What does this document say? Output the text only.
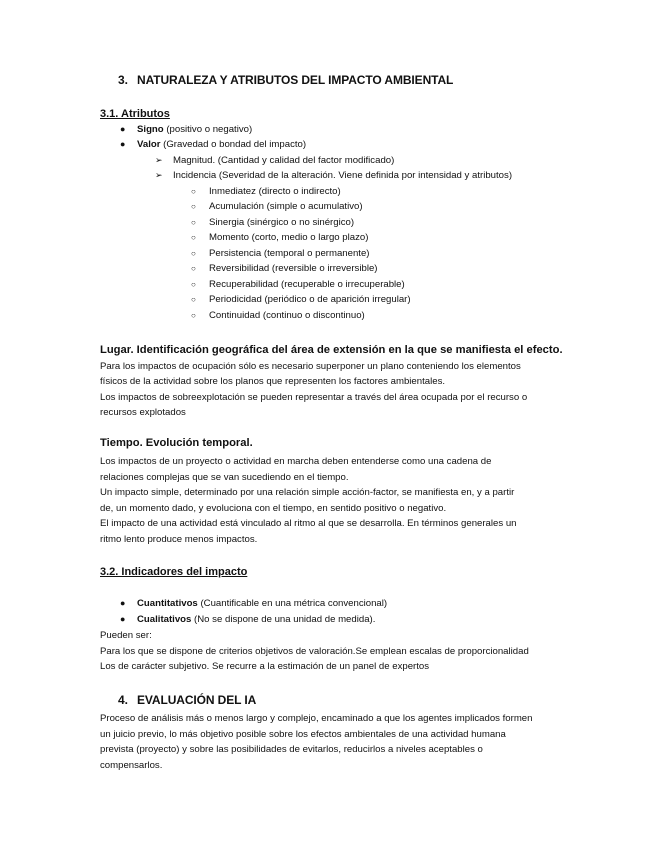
3. NATURALEZA Y ATRIBUTOS DEL IMPACTO AMBIENTAL
3.1. Atributos
● Signo (positivo o negativo)
● Valor (Gravedad o bondad del impacto)
➢ Magnitud. (Cantidad y calidad del factor modificado)
➢ Incidencia (Severidad de la alteración. Viene definida por intensidad y atributos)
○ Inmediatez (directo o indirecto)
○ Acumulación (simple o acumulativo)
○ Sinergia (sinérgico o no sinérgico)
○ Momento (corto, medio o largo plazo)
○ Persistencia (temporal o permanente)
○ Reversibilidad (reversible o irreversible)
○ Recuperabilidad (recuperable o irrecuperable)
○ Periodicidad (periódico o de aparición irregular)
○ Continuidad (continuo o discontinuo)
Lugar. Identificación geográfica del área de extensión en la que se manifiesta el efecto.
Para los impactos de ocupación sólo es necesario superponer un plano conteniendo los elementos
físicos de la actividad sobre los planos que representen los factores ambientales.
Los impactos de sobreexplotación se pueden representar a través del área ocupada por el recurso o
recursos explotados
Tiempo. Evolución temporal.
Los impactos de un proyecto o actividad en marcha deben entenderse como una cadena de
relaciones complejas que se van sucediendo en el tiempo.
Un impacto simple, determinado por una relación simple acción-factor, se manifiesta en, y a partir
de, un momento dado, y evoluciona con el tiempo, en sentido positivo o negativo.
El impacto de una actividad está vinculado al ritmo al que se desarrolla. En términos generales un
ritmo lento produce menos impactos.
3.2. Indicadores del impacto
● Cuantitativos (Cuantificable en una métrica convencional)
● Cualitativos (No se dispone de una unidad de medida).
Pueden ser:
Para los que se dispone de criterios objetivos de valoración.Se emplean escalas de proporcionalidad
Los de carácter subjetivo. Se recurre a la estimación de un panel de expertos
4. EVALUACIÓN DEL IA
Proceso de análisis más o menos largo y complejo, encaminado a que los agentes implicados formen
un juicio previo, lo más objetivo posible sobre los efectos ambientales de una actividad humana
prevista (proyecto) y sobre las posibilidades de evitarlos, reducirlos a niveles aceptables o
compensarlos.
